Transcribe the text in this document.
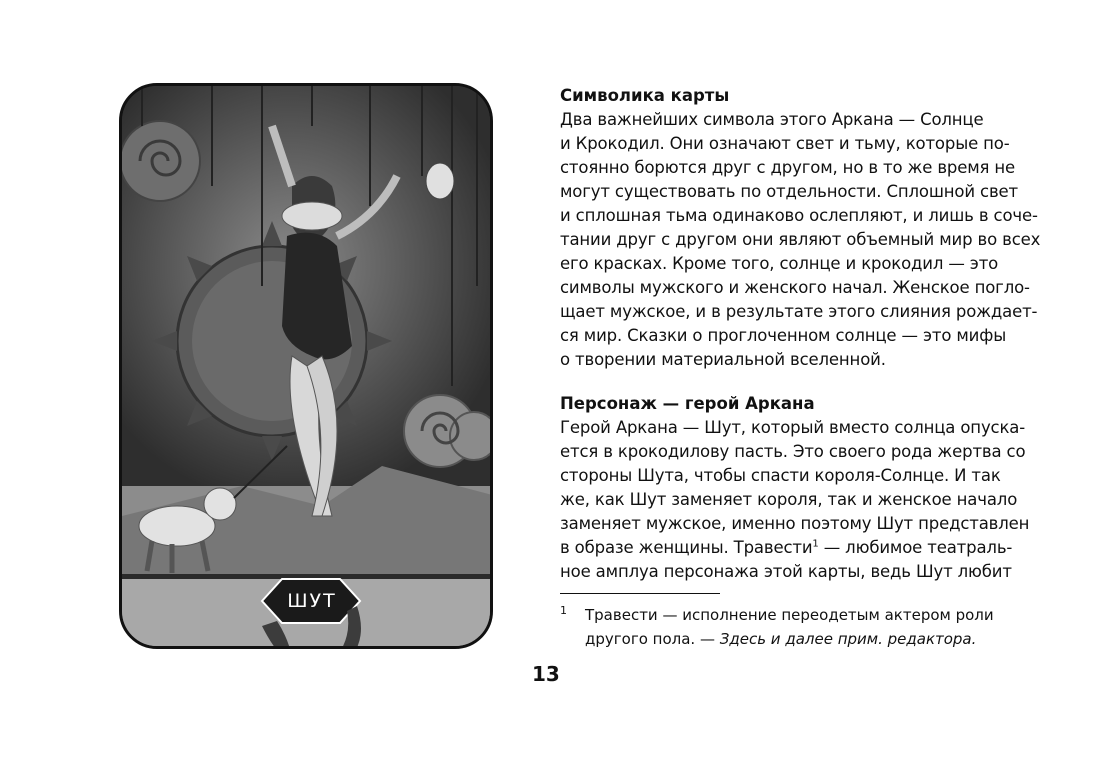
ШУТ
Символика карты
Два важнейших символа этого Аркана — Солнце
и Крокодил. Они означают свет и тьму, которые по-
стоянно борются друг с другом, но в то же время не
могут существовать по отдельности. Сплошной свет
и сплошная тьма одинаково ослепляют, и лишь в соче-
тании друг с другом они являют объемный мир во всех
его красках. Кроме того, солнце и крокодил — это
символы мужского и женского начал. Женское погло-
щает мужское, и в результате этого слияния рождает-
ся мир. Сказки о проглоченном солнце — это мифы
о творении материальной вселенной.
Персонаж — герой Аркана
Герой Аркана — Шут, который вместо солнца опуска-
ется в крокодилову пасть. Это своего рода жертва со
стороны Шута, чтобы спасти короля-Солнце. И так
же, как Шут заменяет короля, так и женское начало
заменяет мужское, именно поэтому Шут представлен
в образе женщины. Травести$^1$ — любимое театраль-
ное амплуа персонажа этой карты, ведь Шут любит
1 Травести — исполнение переодетым актером роли
другого пола. — Здесь и далее прим. редактора.
13
